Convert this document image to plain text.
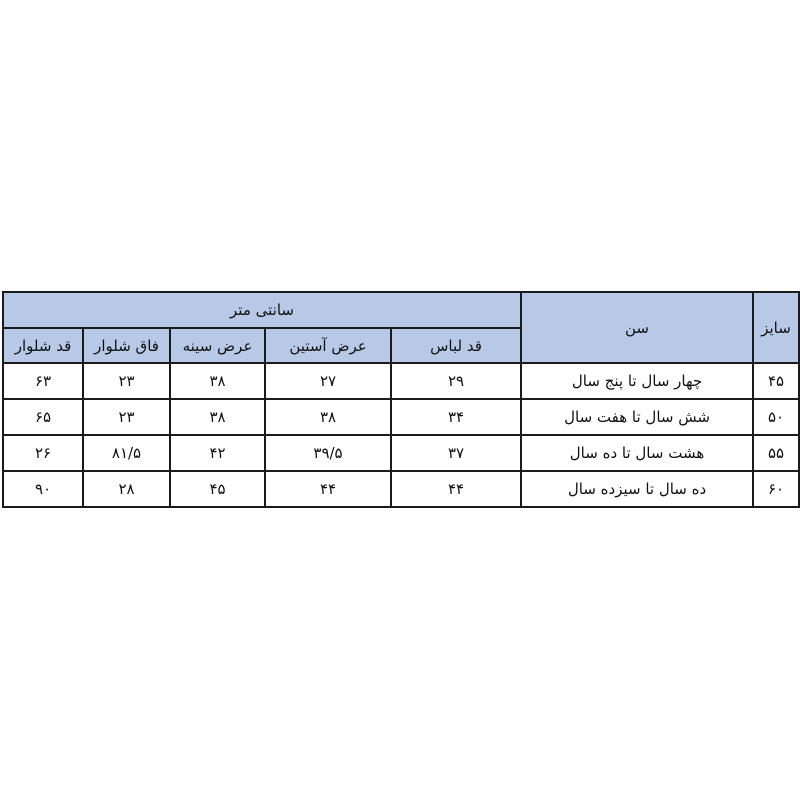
سایز	سن	سانتی متر				
		قد لباس	عرض آستین	عرض سینه	فاق شلوار	قد شلوار
۴۵	چهار سال تا پنج سال	۲۹	۲۷	۳۸	۲۳	۶۳
۵۰	شش سال تا هفت سال	۳۴	۳۸	۳۸	۲۳	۶۵
۵۵	هشت سال تا ده سال	۳۷	۳۹/۵	۴۲	۸۱/۵	۲۶
۶۰	ده سال تا سیزده سال	۴۴	۴۴	۴۵	۲۸	۹۰
